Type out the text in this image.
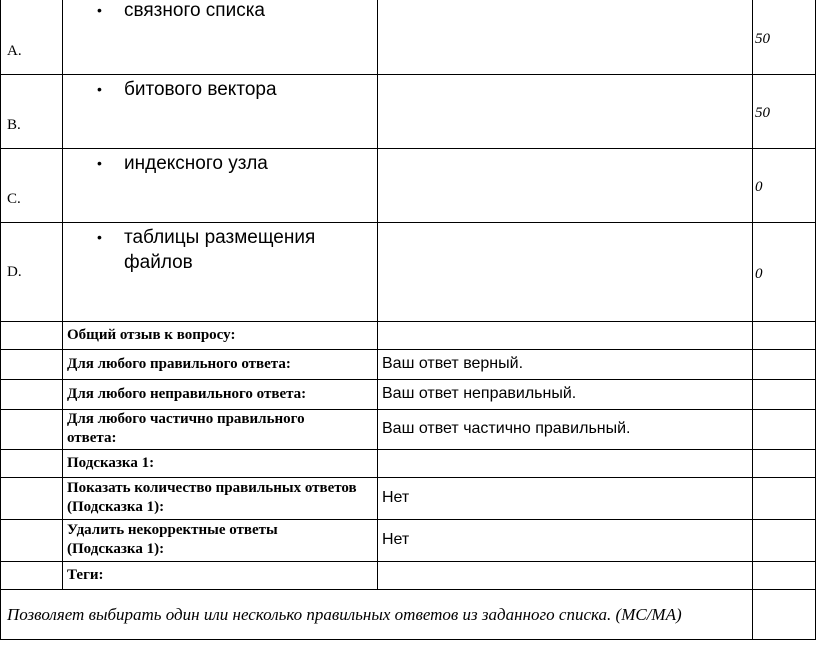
A.	• связного списка		50

B.	• битового вектора		50

C.	• индексного узла		0

D.	• таблицы размещения файлов		0

	Общий отзыв к вопросу:		
	Для любого правильного ответа:	Ваш ответ верный.	
	Для любого неправильного ответа:	Ваш ответ неправильный.	

	Для любого частично правильного ответа:	Ваш ответ частично правильный.	
	Подсказка 1:		

	Показать количество правильных ответов (Подсказка 1):	Нет	

	Удалить некорректные ответы (Подсказка 1):	Нет	
	Теги:		

Позволяет выбирать один или несколько правильных ответов из заданного списка. (MC/MA)			
